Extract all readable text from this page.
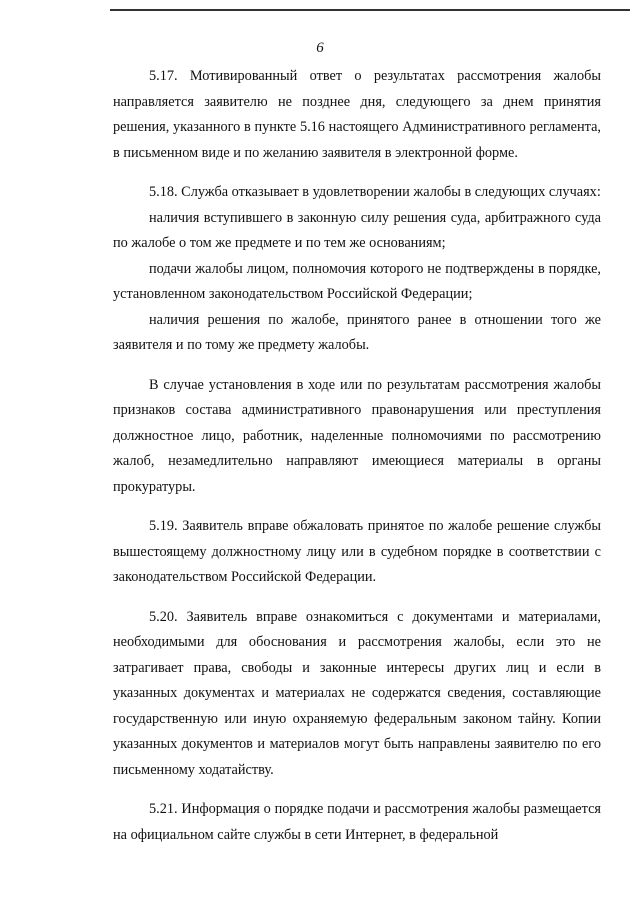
6

5.17. Мотивированный ответ о результатах рассмотрения жалобы направляется заявителю не позднее дня, следующего за днем принятия решения, указанного в пункте 5.16 настоящего Административного регламента, в письменном виде и по желанию заявителя в электронной форме.

5.18. Служба отказывает в удовлетворении жалобы в следующих случаях:

наличия вступившего в законную силу решения суда, арбитражного суда по жалобе о том же предмете и по тем же основаниям;

подачи жалобы лицом, полномочия которого не подтверждены в порядке, установленном законодательством Российской Федерации;

наличия решения по жалобе, принятого ранее в отношении того же заявителя и по тому же предмету жалобы.

В случае установления в ходе или по результатам рассмотрения жалобы признаков состава административного правонарушения или преступления должностное лицо, работник, наделенные полномочиями по рассмотрению жалоб, незамедлительно направляют имеющиеся материалы в органы прокуратуры.

5.19. Заявитель вправе обжаловать принятое по жалобе решение службы вышестоящему должностному лицу или в судебном порядке в соответствии с законодательством Российской Федерации.

5.20. Заявитель вправе ознакомиться с документами и материалами, необходимыми для обоснования и рассмотрения жалобы, если это не затрагивает права, свободы и законные интересы других лиц и если в указанных документах и материалах не содержатся сведения, составляющие государственную или иную охраняемую федеральным законом тайну. Копии указанных документов и материалов могут быть направлены заявителю по его письменному ходатайству.

5.21. Информация о порядке подачи и рассмотрения жалобы размещается на официальном сайте службы в сети Интернет, в федеральной
